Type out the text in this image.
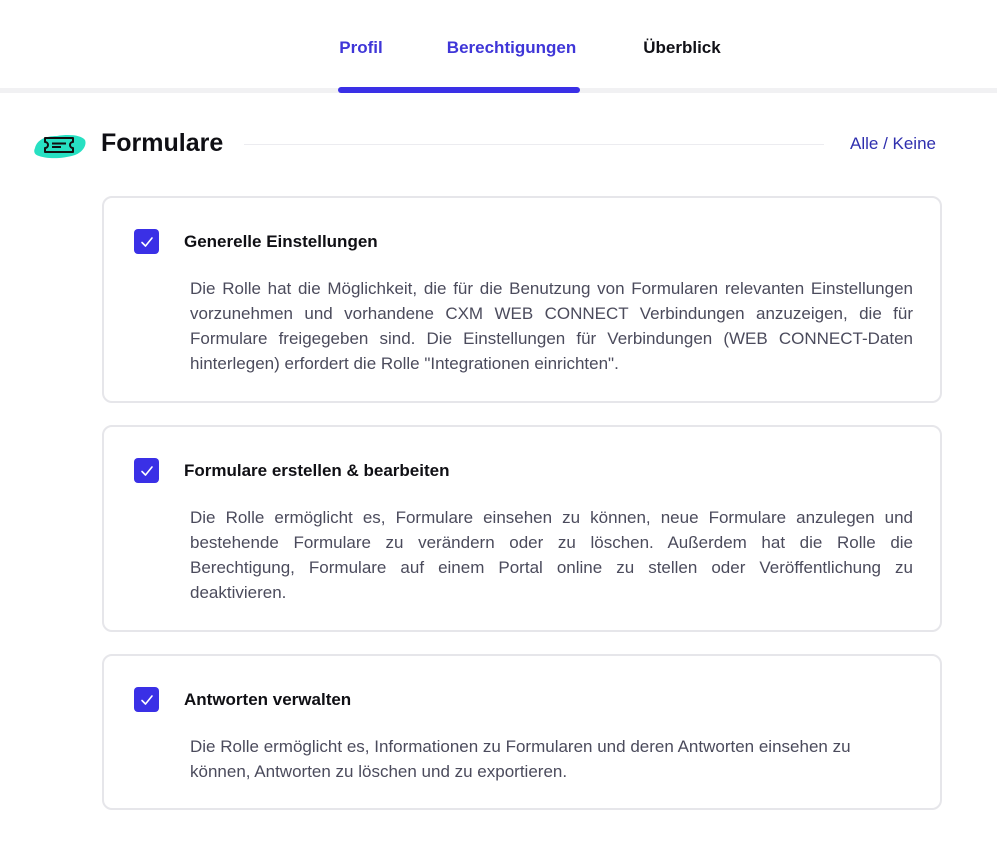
Profil	Berechtigungen	Überblick
Formulare	Alle / Keine
Generelle Einstellungen
Die Rolle hat die Möglichkeit, die für die Benutzung von Formularen relevanten Einstellungen vorzunehmen und vorhandene CXM WEB CONNECT Verbindungen anzuzeigen, die für Formulare freigegeben sind. Die Einstellungen für Verbindungen (WEB CONNECT-Daten hinterlegen) erfordert die Rolle "Integrationen einrichten".
Formulare erstellen & bearbeiten
Die Rolle ermöglicht es, Formulare einsehen zu können, neue Formulare anzulegen und bestehende Formulare zu verändern oder zu löschen. Außerdem hat die Rolle die Berechtigung, Formulare auf einem Portal online zu stellen oder Veröffentlichung zu deaktivieren.
Antworten verwalten
Die Rolle ermöglicht es, Informationen zu Formularen und deren Antworten einsehen zu können, Antworten zu löschen und zu exportieren.
